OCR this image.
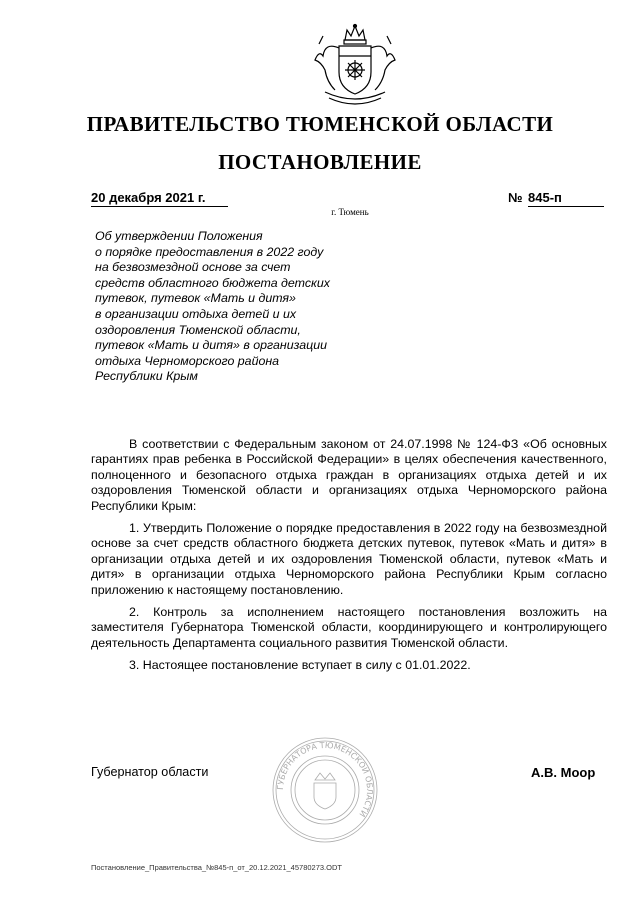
ПРАВИТЕЛЬСТВО ТЮМЕНСКОЙ ОБЛАСТИ
ПОСТАНОВЛЕНИЕ
20 декабря 2021 г.	№ 845-п
г. Тюмень
Об утверждении Положения
о порядке предоставления в 2022 году
на безвозмездной основе за счет
средств областного бюджета детских
путевок, путевок «Мать и дитя»
в организации отдыха детей и их
оздоровления Тюменской области,
путевок «Мать и дитя» в организации
отдыха Черноморского района
Республики Крым

В соответствии с Федеральным законом от 24.07.1998 № 124-ФЗ «Об основных гарантиях прав ребенка в Российской Федерации» в целях обеспечения качественного, полноценного и безопасного отдыха граждан в организациях отдыха детей и их оздоровления Тюменской области и организациях отдыха Черноморского района Республики Крым:

1. Утвердить Положение о порядке предоставления в 2022 году на безвозмездной основе за счет средств областного бюджета детских путевок, путевок «Мать и дитя» в организации отдыха детей и их оздоровления Тюменской области, путевок «Мать и дитя» в организации отдыха Черноморского района Республики Крым согласно приложению к настоящему постановлению.

2. Контроль за исполнением настоящего постановления возложить на заместителя Губернатора Тюменской области, координирующего и контролирующего деятельность Департамента социального развития Тюменской области.

3. Настоящее постановление вступает в силу с 01.01.2022.

ГУБЕРНАТОРА ТЮМЕНСКОЙ ОБЛАСТИ
Губернатор области	А.В. Моор
Постановление_Правительства_№845-п_от_20.12.2021_45780273.ODT
